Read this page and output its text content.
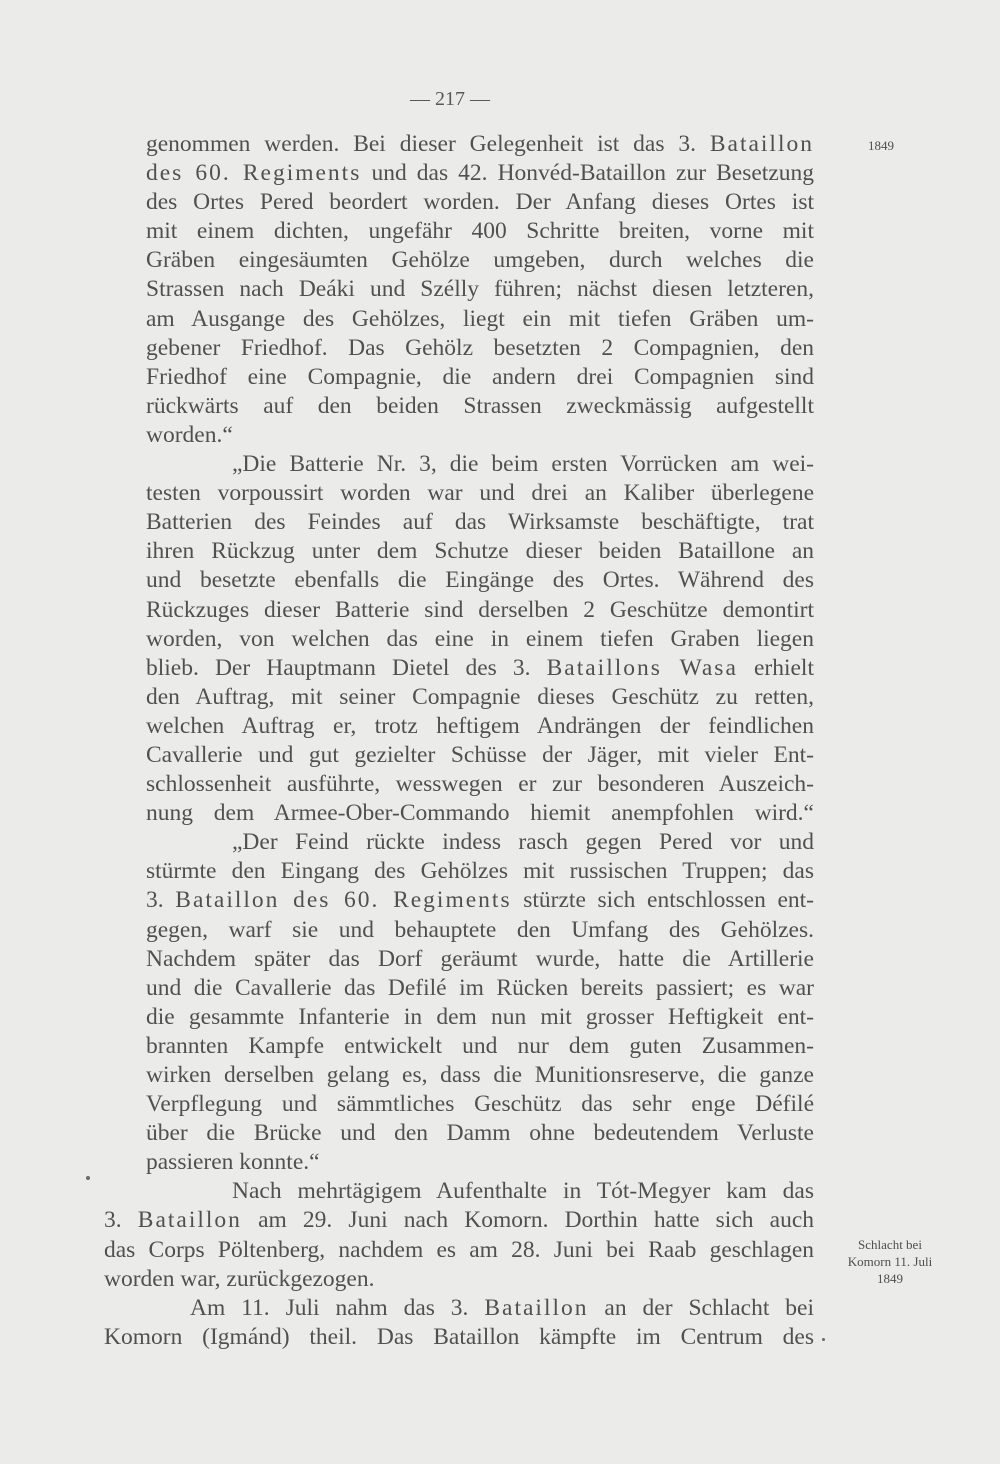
— 217 —
1849
Schlacht bei
Komorn 11. Juli
1849
genommen werden. Bei dieser Gelegenheit ist das 3. Bataillon
des 60. Regiments und das 42. Honvéd-Bataillon zur Besetzung
des Ortes Pered beordert worden. Der Anfang dieses Ortes ist
mit einem dichten, ungefähr 400 Schritte breiten, vorne mit
Gräben eingesäumten Gehölze umgeben, durch welches die
Strassen nach Deáki und Szélly führen; nächst diesen letzteren,
am Ausgange des Gehölzes, liegt ein mit tiefen Gräben um-
gebener Friedhof. Das Gehölz besetzten 2 Compagnien, den
Friedhof eine Compagnie, die andern drei Compagnien sind
rückwärts auf den beiden Strassen zweckmässig aufgestellt
worden.“
„Die Batterie Nr. 3, die beim ersten Vorrücken am wei-
testen vorpoussirt worden war und drei an Kaliber überlegene
Batterien des Feindes auf das Wirksamste beschäftigte, trat
ihren Rückzug unter dem Schutze dieser beiden Bataillone an
und besetzte ebenfalls die Eingänge des Ortes. Während des
Rückzuges dieser Batterie sind derselben 2 Geschütze demontirt
worden, von welchen das eine in einem tiefen Graben liegen
blieb. Der Hauptmann Dietel des 3. Bataillons Wasa erhielt
den Auftrag, mit seiner Compagnie dieses Geschütz zu retten,
welchen Auftrag er, trotz heftigem Andrängen der feindlichen
Cavallerie und gut gezielter Schüsse der Jäger, mit vieler Ent-
schlossenheit ausführte, wesswegen er zur besonderen Auszeich-
nung dem Armee-Ober-Commando hiemit anempfohlen wird.“
„Der Feind rückte indess rasch gegen Pered vor und
stürmte den Eingang des Gehölzes mit russischen Truppen; das
3. Bataillon des 60. Regiments stürzte sich entschlossen ent-
gegen, warf sie und behauptete den Umfang des Gehölzes.
Nachdem später das Dorf geräumt wurde, hatte die Artillerie
und die Cavallerie das Defilé im Rücken bereits passiert; es war
die gesammte Infanterie in dem nun mit grosser Heftigkeit ent-
brannten Kampfe entwickelt und nur dem guten Zusammen-
wirken derselben gelang es, dass die Munitionsreserve, die ganze
Verpflegung und sämmtliches Geschütz das sehr enge Défilé
über die Brücke und den Damm ohne bedeutendem Verluste
passieren konnte.“
Nach mehrtägigem Aufenthalte in Tót-Megyer kam das
3. Bataillon am 29. Juni nach Komorn. Dorthin hatte sich auch
das Corps Pöltenberg, nachdem es am 28. Juni bei Raab geschlagen
worden war, zurückgezogen.
Am 11. Juli nahm das 3. Bataillon an der Schlacht bei
Komorn (Igmánd) theil. Das Bataillon kämpfte im Centrum des
